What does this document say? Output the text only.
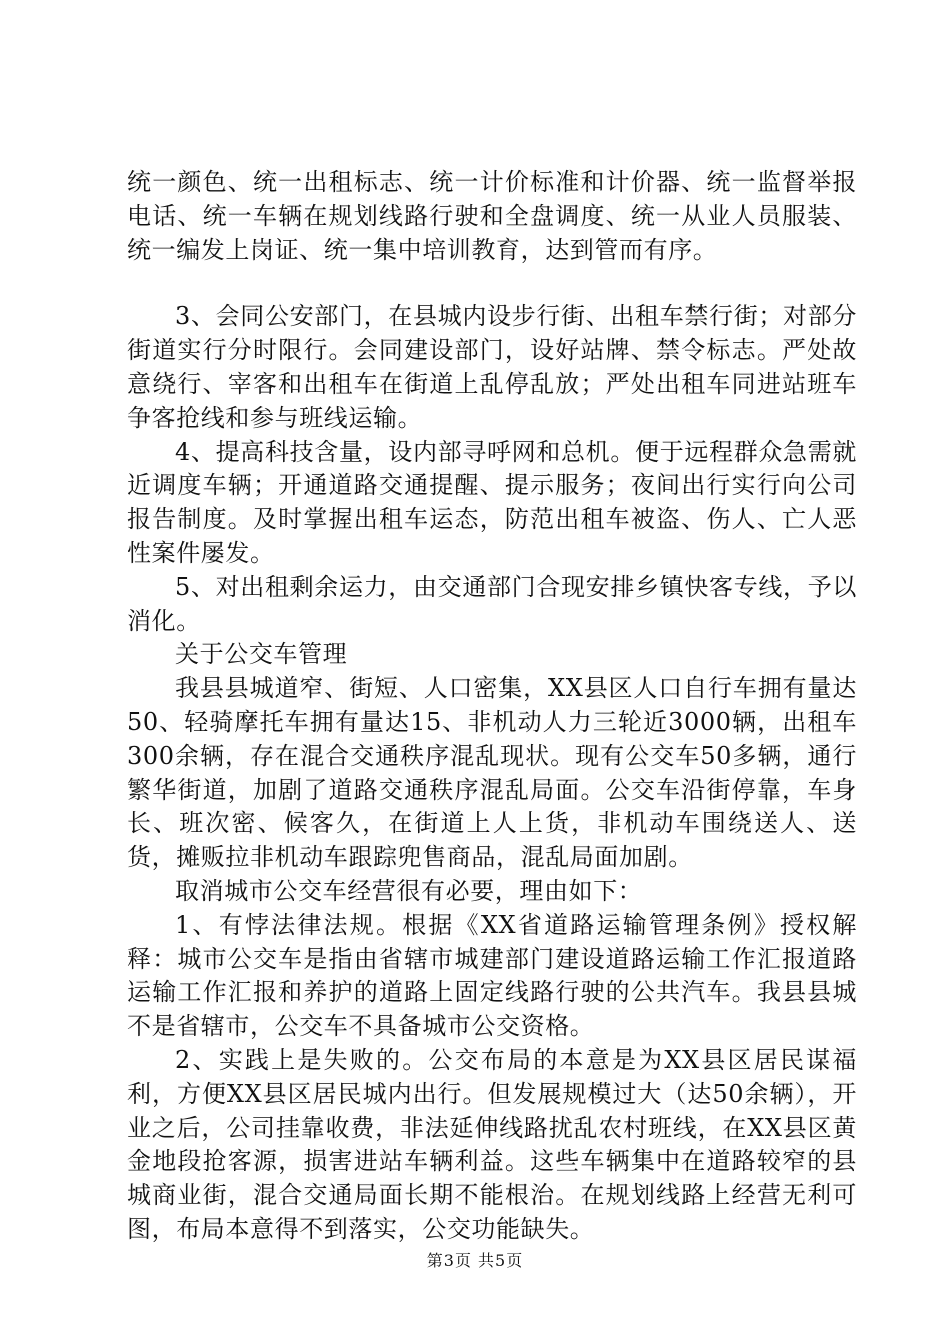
统一颜色、统一出租标志、统一计价标准和计价器、统一监督举报电话、统一车辆在规划线路行驶和全盘调度、统一从业人员服装、统一编发上岗证、统一集中培训教育，达到管而有序。

3、会同公安部门，在县城内设步行街、出租车禁行街；对部分街道实行分时限行。会同建设部门，设好站牌、禁令标志。严处故意绕行、宰客和出租车在街道上乱停乱放；严处出租车同进站班车争客抢线和参与班线运输。

4、提高科技含量，设内部寻呼网和总机。便于远程群众急需就近调度车辆；开通道路交通提醒、提示服务；夜间出行实行向公司报告制度。及时掌握出租车运态，防范出租车被盗、伤人、亡人恶性案件屡发。

5、对出租剩余运力，由交通部门合现安排乡镇快客专线，予以消化。

关于公交车管理

我县县城道窄、街短、人口密集，XX县区人口自行车拥有量达50、轻骑摩托车拥有量达15、非机动人力三轮近3000辆，出租车300余辆，存在混合交通秩序混乱现状。现有公交车50多辆，通行繁华街道，加剧了道路交通秩序混乱局面。公交车沿街停靠，车身长、班次密、候客久，在街道上人上货，非机动车围绕送人、送货，摊贩拉非机动车跟踪兜售商品，混乱局面加剧。

取消城市公交车经营很有必要，理由如下：

1、有悖法律法规。根据《XX省道路运输管理条例》授权解释：城市公交车是指由省辖市城建部门建设道路运输工作汇报道路运输工作汇报和养护的道路上固定线路行驶的公共汽车。我县县城不是省辖市，公交车不具备城市公交资格。

2、实践上是失败的。公交布局的本意是为XX县区居民谋福利，方便XX县区居民城内出行。但发展规模过大（达50余辆），开业之后，公司挂靠收费，非法延伸线路扰乱农村班线，在XX县区黄金地段抢客源，损害进站车辆利益。这些车辆集中在道路较窄的县城商业街，混合交通局面长期不能根治。在规划线路上经营无利可图，布局本意得不到落实，公交功能缺失。

第3页 共5页
